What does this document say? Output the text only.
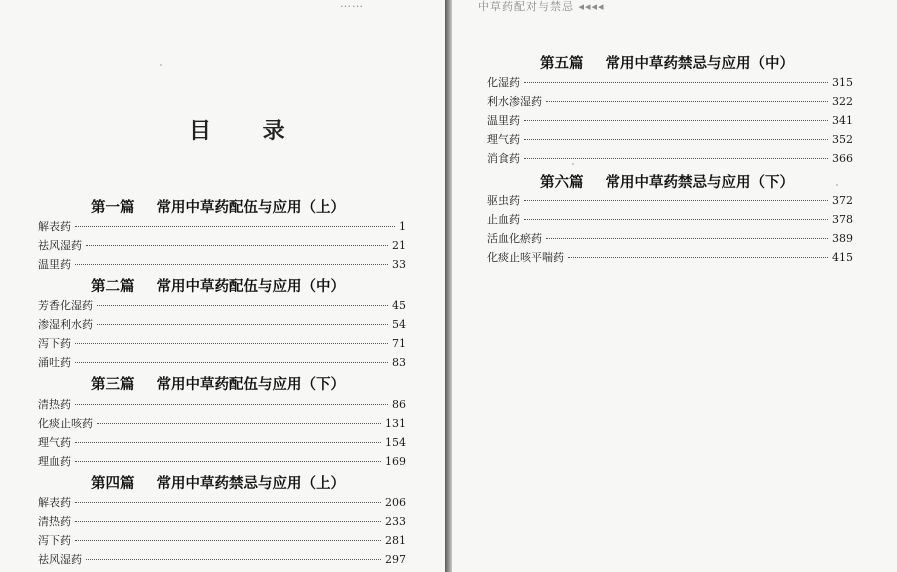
……	中草药配对与禁忌 ◂◂◂◂
目 录
第一篇 常用中草药配伍与应用（上）
解表药	1
祛风湿药	21
温里药	33
第二篇 常用中草药配伍与应用（中）
芳香化湿药	45
渗湿利水药	54
泻下药	71
涌吐药	83
第三篇 常用中草药配伍与应用（下）
清热药	86
化痰止咳药	131
理气药	154
理血药	169
第四篇 常用中草药禁忌与应用（上）
解表药	206
清热药	233
泻下药	281
祛风湿药	297
第五篇 常用中草药禁忌与应用（中）
化湿药	315
利水渗湿药	322
温里药	341
理气药	352
消食药	366
第六篇 常用中草药禁忌与应用（下）
驱虫药	372
止血药	378
活血化瘀药	389
化痰止咳平喘药	415
